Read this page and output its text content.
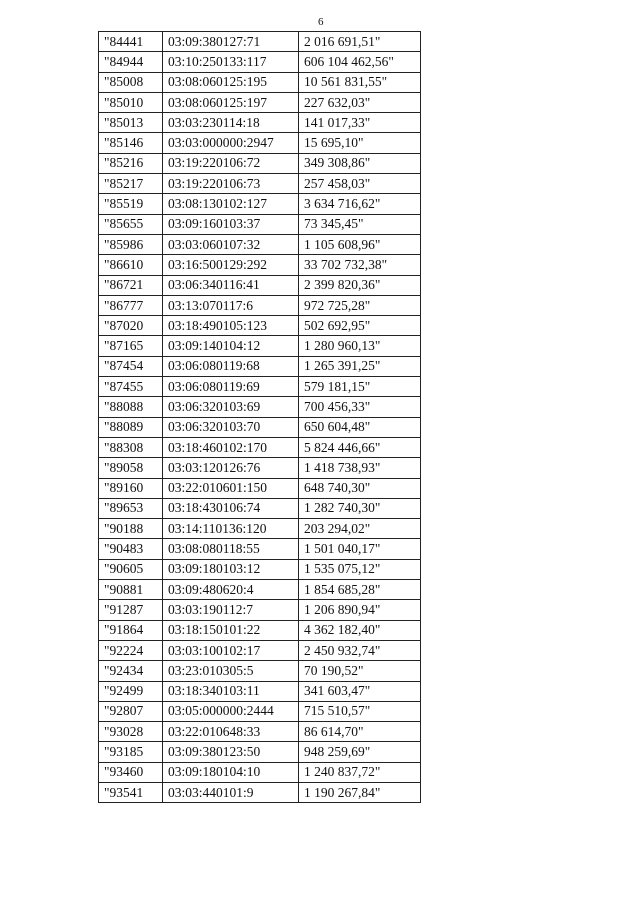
6
"84441	03:09:380127:71	2 016 691,51"
"84944	03:10:250133:117	606 104 462,56"
"85008	03:08:060125:195	10 561 831,55"
"85010	03:08:060125:197	227 632,03"
"85013	03:03:230114:18	141 017,33"
"85146	03:03:000000:2947	15 695,10"
"85216	03:19:220106:72	349 308,86"
"85217	03:19:220106:73	257 458,03"
"85519	03:08:130102:127	3 634 716,62"
"85655	03:09:160103:37	73 345,45"
"85986	03:03:060107:32	1 105 608,96"
"86610	03:16:500129:292	33 702 732,38"
"86721	03:06:340116:41	2 399 820,36"
"86777	03:13:070117:6	972 725,28"
"87020	03:18:490105:123	502 692,95"
"87165	03:09:140104:12	1 280 960,13"
"87454	03:06:080119:68	1 265 391,25"
"87455	03:06:080119:69	579 181,15"
"88088	03:06:320103:69	700 456,33"
"88089	03:06:320103:70	650 604,48"
"88308	03:18:460102:170	5 824 446,66"
"89058	03:03:120126:76	1 418 738,93"
"89160	03:22:010601:150	648 740,30"
"89653	03:18:430106:74	1 282 740,30"
"90188	03:14:110136:120	203 294,02"
"90483	03:08:080118:55	1 501 040,17"
"90605	03:09:180103:12	1 535 075,12"
"90881	03:09:480620:4	1 854 685,28"
"91287	03:03:190112:7	1 206 890,94"
"91864	03:18:150101:22	4 362 182,40"
"92224	03:03:100102:17	2 450 932,74"
"92434	03:23:010305:5	70 190,52"
"92499	03:18:340103:11	341 603,47"
"92807	03:05:000000:2444	715 510,57"
"93028	03:22:010648:33	86 614,70"
"93185	03:09:380123:50	948 259,69"
"93460	03:09:180104:10	1 240 837,72"
"93541	03:03:440101:9	1 190 267,84"
